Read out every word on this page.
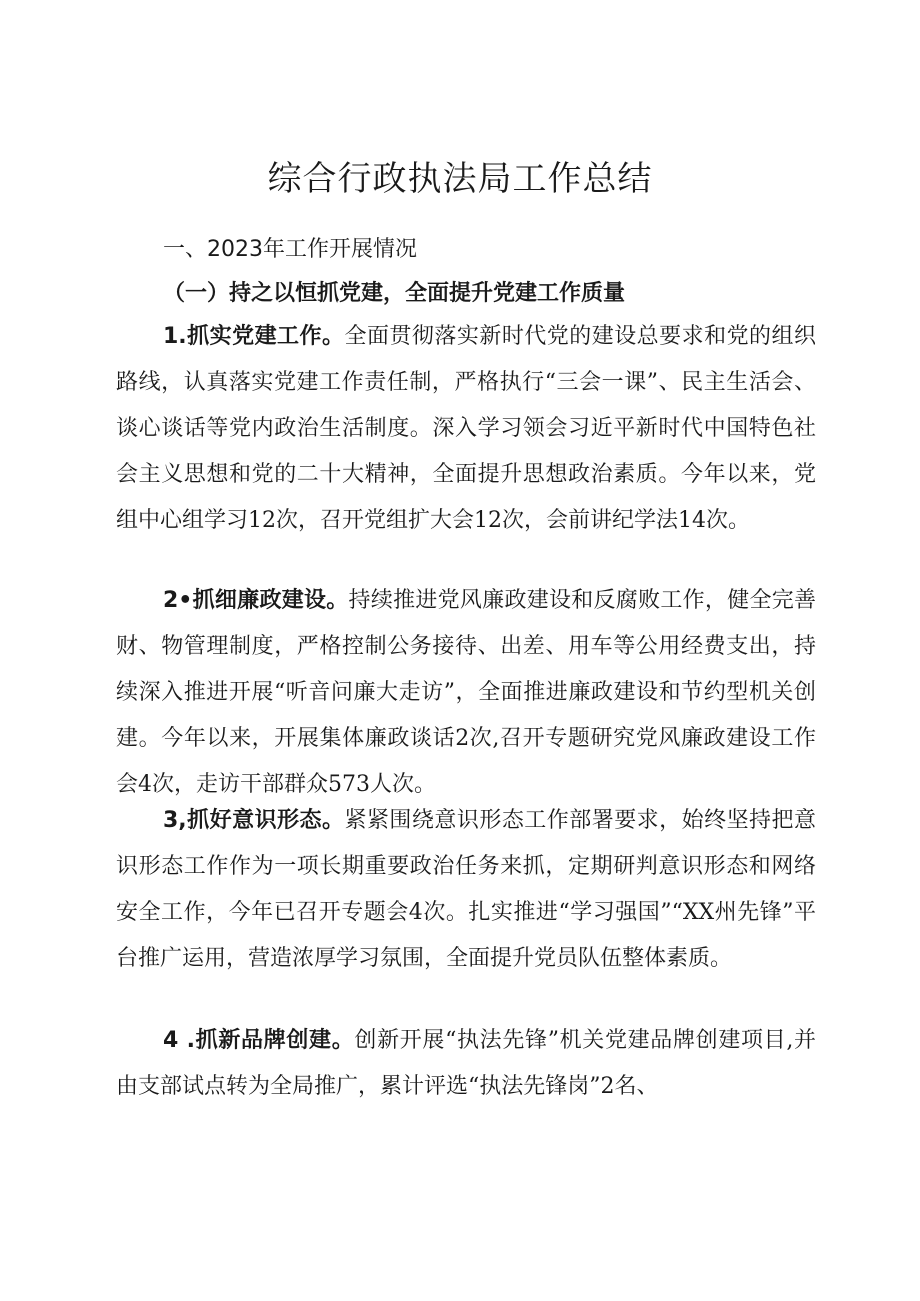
综合行政执法局工作总结
一、2023年工作开展情况
（一）持之以恒抓党建，全面提升党建工作质量

1.抓实党建工作。全面贯彻落实新时代党的建设总要求和党的组织路线，认真落实党建工作责任制，严格执行“三会一课”、民主生活会、谈心谈话等党内政治生活制度。深入学习领会习近平新时代中国特色社会主义思想和党的二十大精神，全面提升思想政治素质。今年以来，党组中心组学习12次，召开党组扩大会12次，会前讲纪学法14次。

2•抓细廉政建设。持续推进党风廉政建设和反腐败工作，健全完善财、物管理制度，严格控制公务接待、出差、用车等公用经费支出，持续深入推进开展“听音问廉大走访”，全面推进廉政建设和节约型机关创建。今年以来，开展集体廉政谈话2次,召开专题研究党风廉政建设工作会4次，走访干部群众573人次。

3,抓好意识形态。紧紧围绕意识形态工作部署要求，始终坚持把意识形态工作作为一项长期重要政治任务来抓，定期研判意识形态和网络安全工作，今年已召开专题会4次。扎实推进“学习强国”“XX州先锋”平台推广运用，营造浓厚学习氛围，全面提升党员队伍整体素质。

4 .抓新品牌创建。创新开展“执法先锋”机关党建品牌创建项目,并由支部试点转为全局推广，累计评选“执法先锋岗”2名、
